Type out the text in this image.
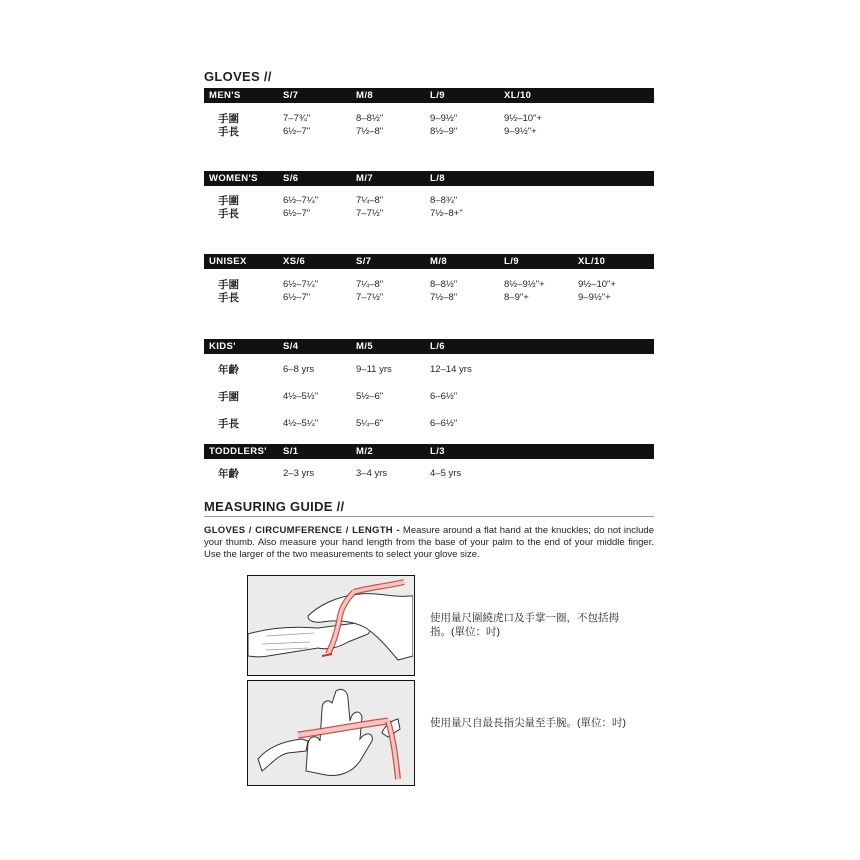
GLOVES //
MEN'S	S/7	M/8	L/9	XL/10
手圍	7–7¾"	8–8½"	9–9½"	9½–10"+
手長	6½–7"	7½–8"	8½–9"	9–9½"+
WOMEN'S	S/6	M/7	L/8
手圍	6½–7¼"	7¼–8"	8–8¾"
手長	6½–7"	7–7½"	7½–8+"
UNISEX	XS/6	S/7	M/8	L/9	XL/10
手圍	6½–7¼"	7¼–8"	8–8½"	8½–9½"+	9½–10"+
手長	6½–7"	7–7½"	7½–8"	8–9"+	9–9½"+
KIDS'	S/4	M/5	L/6
年齡	6–8 yrs	9–11 yrs	12–14 yrs
手圍	4½–5½"	5½–6"	6–6½"
手長	4½–5¼"	5¼–6"	6–6½"
TODDLERS' S/1	M/2	L/3
年齡	2–3 yrs	3–4 yrs	4–5 yrs
MEASURING GUIDE //
GLOVES / CIRCUMFERENCE / LENGTH - Measure around a flat hand at the knuckles; do not include your thumb. Also measure your hand length from the base of your palm to the end of your middle finger. Use the larger of the two measurements to select your glove size.
使用量尺圍繞虎口及手掌一圈，不包括拇指。(單位：吋)
使用量尺自最長指尖量至手腕。(單位：吋)
